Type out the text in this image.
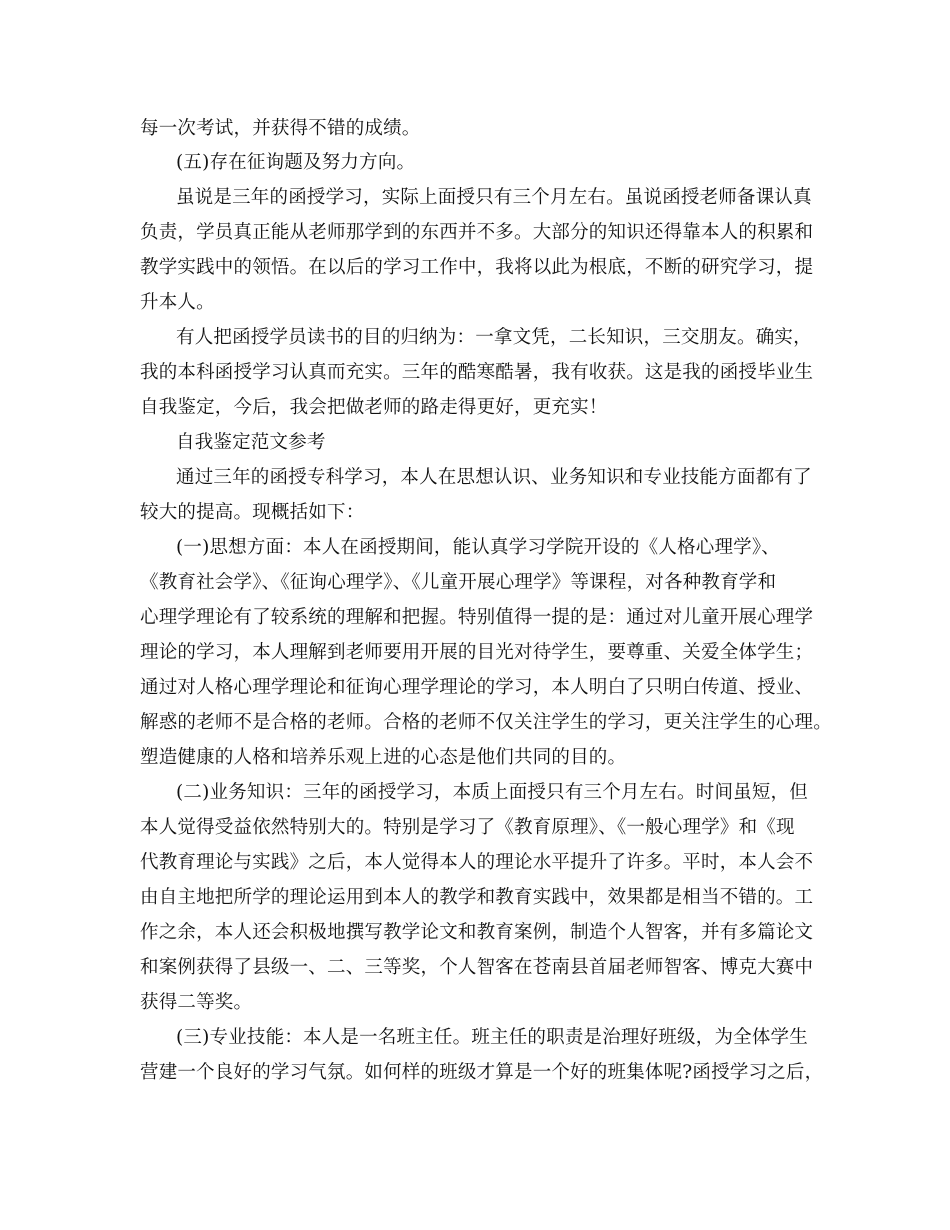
每一次考试，并获得不错的成绩。
(五)存在征询题及努力方向。
虽说是三年的函授学习，实际上面授只有三个月左右。虽说函授老师备课认真
负责，学员真正能从老师那学到的东西并不多。大部分的知识还得靠本人的积累和
教学实践中的领悟。在以后的学习工作中，我将以此为根底，不断的研究学习，提
升本人。
有人把函授学员读书的目的归纳为：一拿文凭，二长知识，三交朋友。确实，
我的本科函授学习认真而充实。三年的酷寒酷暑，我有收获。这是我的函授毕业生
自我鉴定，今后，我会把做老师的路走得更好，更充实！
自我鉴定范文参考
通过三年的函授专科学习，本人在思想认识、业务知识和专业技能方面都有了
较大的提高。现概括如下：
(一)思想方面：本人在函授期间，能认真学习学院开设的《人格心理学》、
《教育社会学》、《征询心理学》、《儿童开展心理学》等课程，对各种教育学和
心理学理论有了较系统的理解和把握。特别值得一提的是：通过对儿童开展心理学
理论的学习，本人理解到老师要用开展的目光对待学生，要尊重、关爱全体学生；
通过对人格心理学理论和征询心理学理论的学习，本人明白了只明白传道、授业、
解惑的老师不是合格的老师。合格的老师不仅关注学生的学习，更关注学生的心理。
塑造健康的人格和培养乐观上进的心态是他们共同的目的。
(二)业务知识：三年的函授学习，本质上面授只有三个月左右。时间虽短，但
本人觉得受益依然特别大的。特别是学习了《教育原理》、《一般心理学》和《现
代教育理论与实践》之后，本人觉得本人的理论水平提升了许多。平时，本人会不
由自主地把所学的理论运用到本人的教学和教育实践中，效果都是相当不错的。工
作之余，本人还会积极地撰写教学论文和教育案例，制造个人智客，并有多篇论文
和案例获得了县级一、二、三等奖，个人智客在苍南县首届老师智客、博克大赛中
获得二等奖。
(三)专业技能：本人是一名班主任。班主任的职责是治理好班级，为全体学生
营建一个良好的学习气氛。如何样的班级才算是一个好的班集体呢?函授学习之后，
